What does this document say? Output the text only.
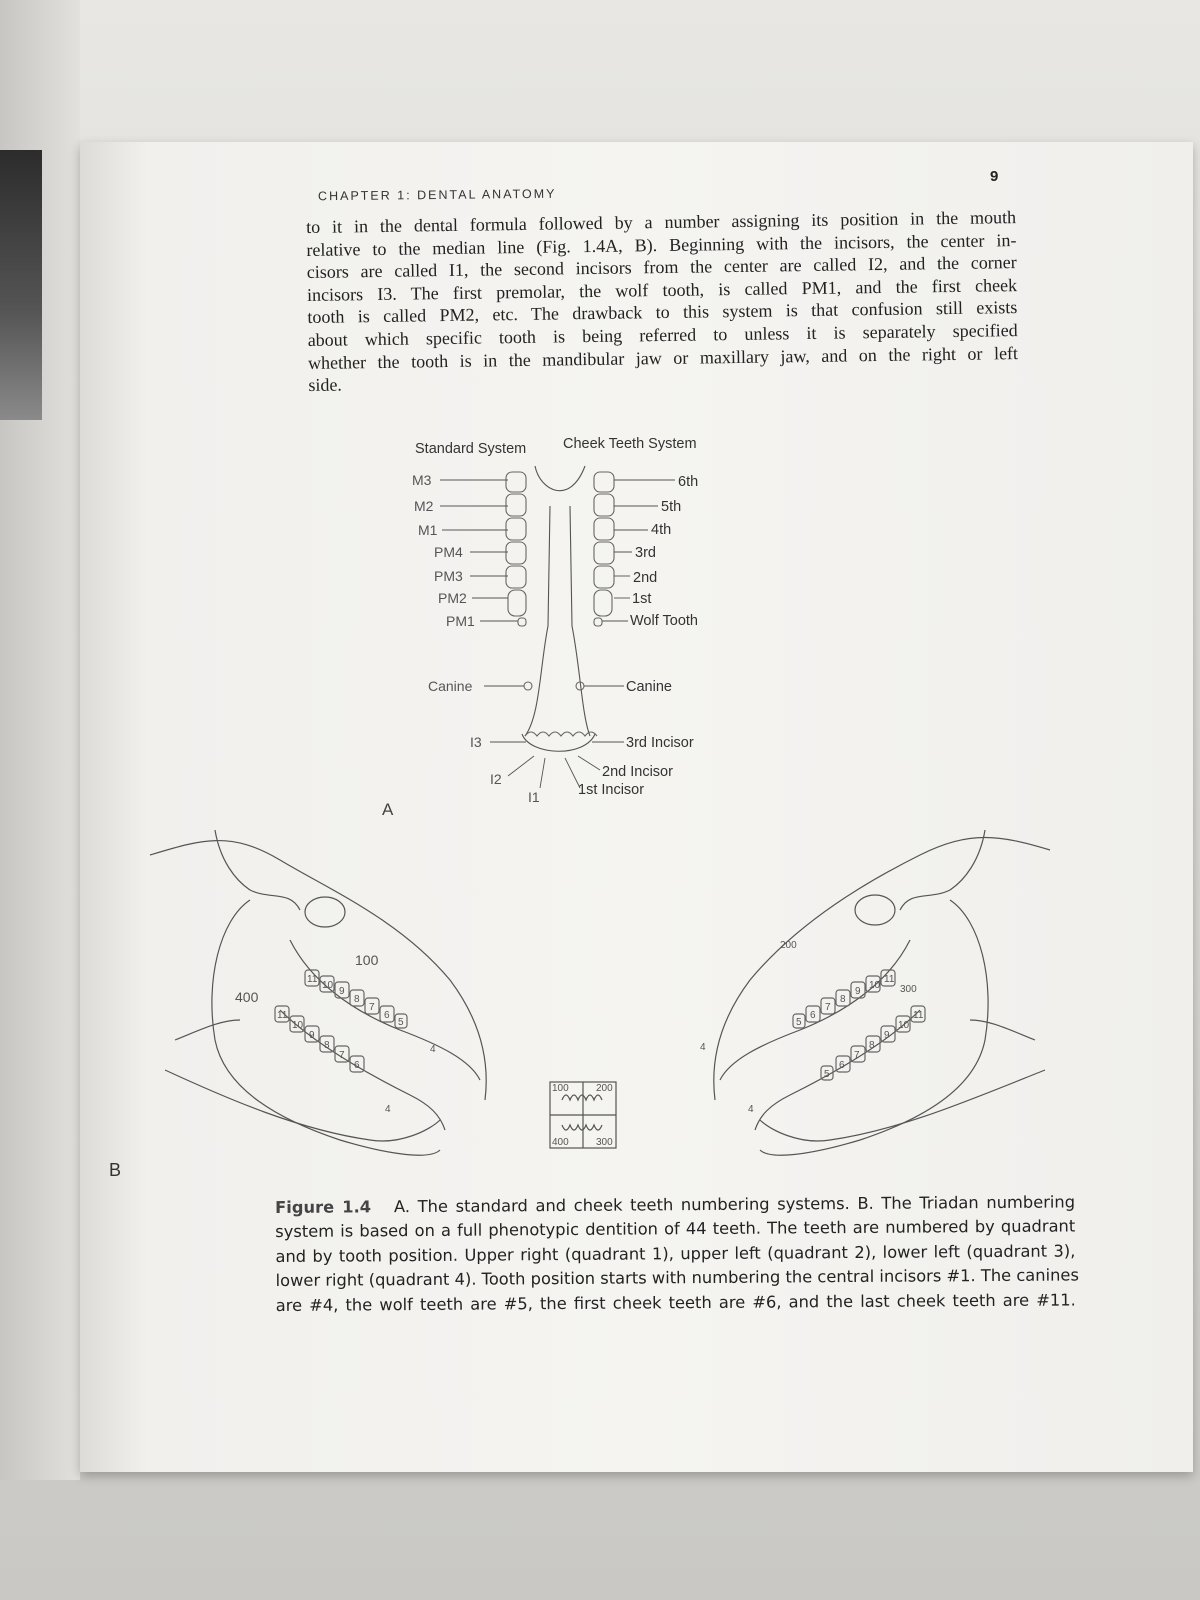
CHAPTER 1: DENTAL ANATOMY
9

to it in the dental formula followed by a number assigning its position in the mouth
relative to the median line (Fig. 1.4A, B). Beginning with the incisors, the center in-
cisors are called I1, the second incisors from the center are called I2, and the corner
incisors I3. The first premolar, the wolf tooth, is called PM1, and the first cheek
tooth is called PM2, etc. The drawback to this system is that confusion still exists
about which specific tooth is being referred to unless it is separately specified
whether the tooth is in the mandibular jaw or maxillary jaw, and on the right or left
side.

Standard System	Cheek Teeth System
M3
M2
M1
PM4
PM3
PM2
PM1
Canine
I3
I2
I1
6th
5th
4th
3rd
2nd
1st
Wolf Tooth
Canine
3rd Incisor
2nd Incisor
1st Incisor
A
B
100
400
11
10
9
8
7
6
5
11
10
9
8
7
6
4
4
100	200
400	300
200
300
5
6
7
8
9
10
11
5
6
7
8
9
10
11
4
4
Figure 1.4 A. The standard and cheek teeth numbering systems. B. The Triadan numbering
system is based on a full phenotypic dentition of 44 teeth. The teeth are numbered by quadrant
and by tooth position. Upper right (quadrant 1), upper left (quadrant 2), lower left (quadrant 3),
lower right (quadrant 4). Tooth position starts with numbering the central incisors #1. The canines
are #4, the wolf teeth are #5, the first cheek teeth are #6, and the last cheek teeth are #11.
